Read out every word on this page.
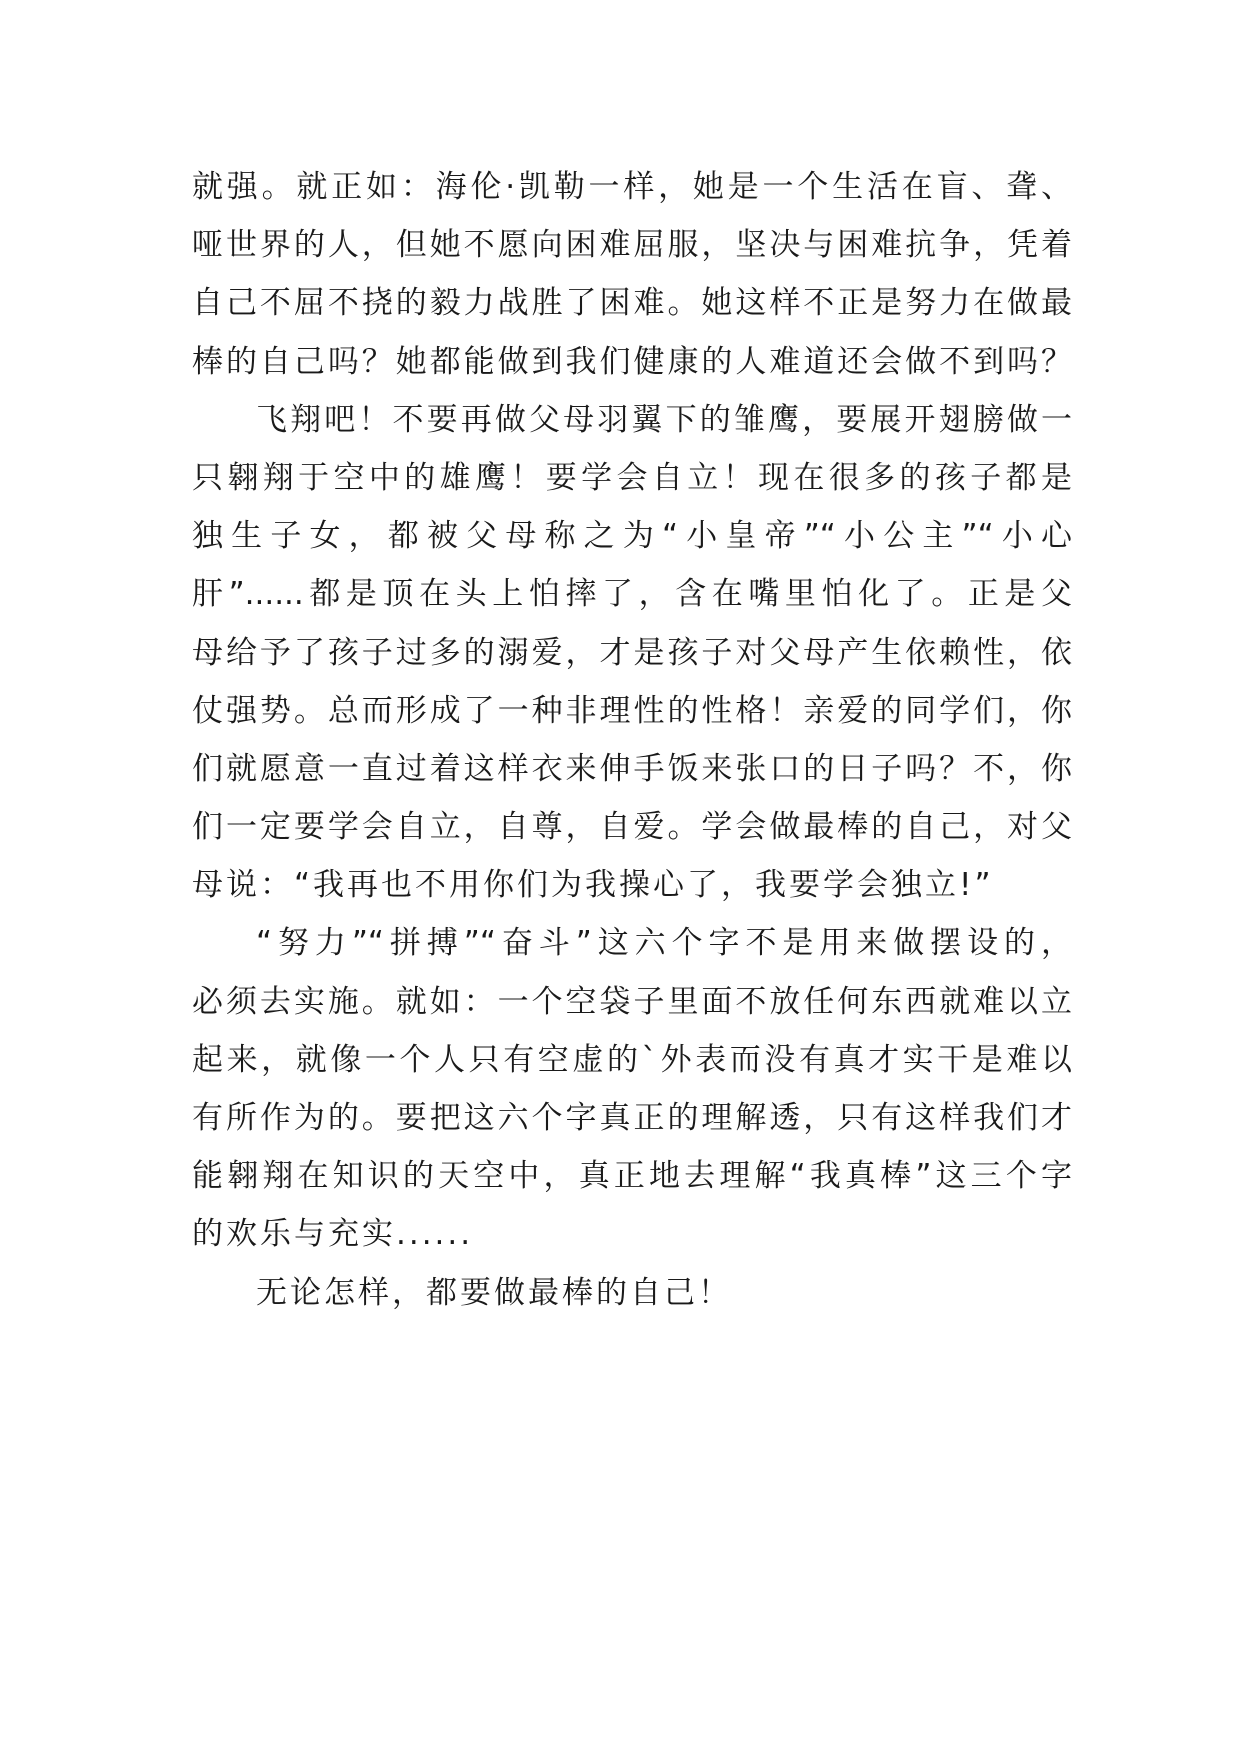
就强。就正如：海伦·凯勒一样，她是一个生活在盲、聋、
哑世界的人，但她不愿向困难屈服，坚决与困难抗争，凭着
自己不屈不挠的毅力战胜了困难。她这样不正是努力在做最
棒的自己吗？她都能做到我们健康的人难道还会做不到吗？
飞翔吧！不要再做父母羽翼下的雏鹰，要展开翅膀做一
只翱翔于空中的雄鹰！要学会自立！现在很多的孩子都是
独生子女，都被父母称之为“小皇帝”“小公主”“小心
肝”......都是顶在头上怕摔了，含在嘴里怕化了。正是父
母给予了孩子过多的溺爱，才是孩子对父母产生依赖性，依
仗强势。总而形成了一种非理性的性格！亲爱的同学们，你
们就愿意一直过着这样衣来伸手饭来张口的日子吗？不，你
们一定要学会自立，自尊，自爱。学会做最棒的自己，对父
母说：“我再也不用你们为我操心了，我要学会独立!”
“努力”“拼搏”“奋斗”这六个字不是用来做摆设的，
必须去实施。就如：一个空袋子里面不放任何东西就难以立
起来，就像一个人只有空虚的`外表而没有真才实干是难以
有所作为的。要把这六个字真正的理解透，只有这样我们才
能翱翔在知识的天空中，真正地去理解“我真棒”这三个字
的欢乐与充实......
无论怎样，都要做最棒的自己！
